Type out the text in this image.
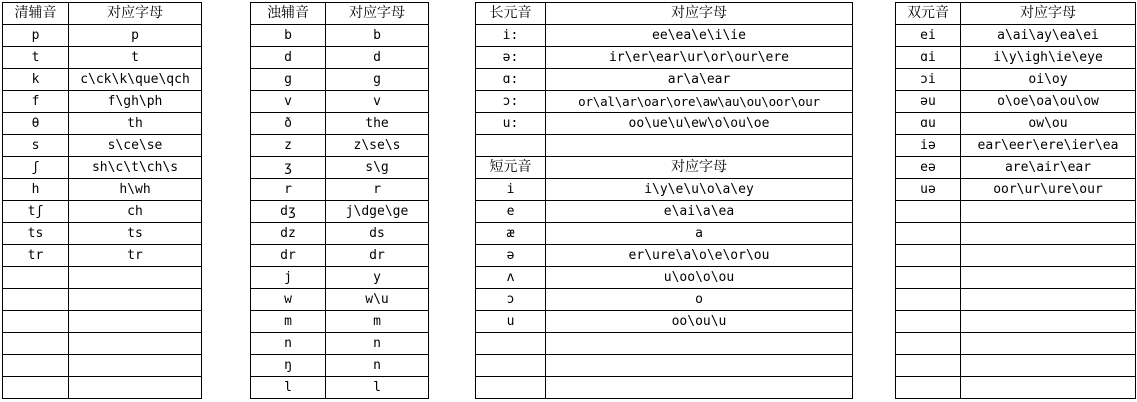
清辅音	对应字母		浊辅音	对应字母		长元音	对应字母		双元音	对应字母
p	p		b	b		i:	ee\ea\e\i\ie		ei	a\ai\ay\ea\ei
t	t		d	d		ə:	ir\er\ear\ur\or\our\ere		ɑi	i\y\igh\ie\eye
k	c\ck\k\que\qch		g	g		ɑ:	ar\a\ear		ɔi	oi\oy
f	f\gh\ph		v	v		ɔ:	or\al\ar\oar\ore\aw\au\ou\oor\our		əu	o\oe\oa\ou\ow
θ	th		ð	the		u:	oo\ue\u\ew\o\ou\oe		ɑu	ow\ou
s	s\ce\se		z	z\se\s					iə	ear\eer\ere\ier\ea
ʃ	sh\c\t\ch\s		ʒ	s\g		短元音	对应字母		eə	are\air\ear
h	h\wh		r	r		i	i\y\e\u\o\a\ey		uə	oor\ur\ure\our
tʃ	ch		dʒ	j\dge\ge		e	e\ai\a\ea			
ts	ts		dz	ds		æ	a			
tr	tr		dr	dr		ə	er\ure\a\o\e\or\ou			
			j	y		ʌ	u\oo\o\ou			
			w	w\u		ɔ	o			
			m	m		u	oo\ou\u			
			n	n						
			ŋ	n						
			l	l						
